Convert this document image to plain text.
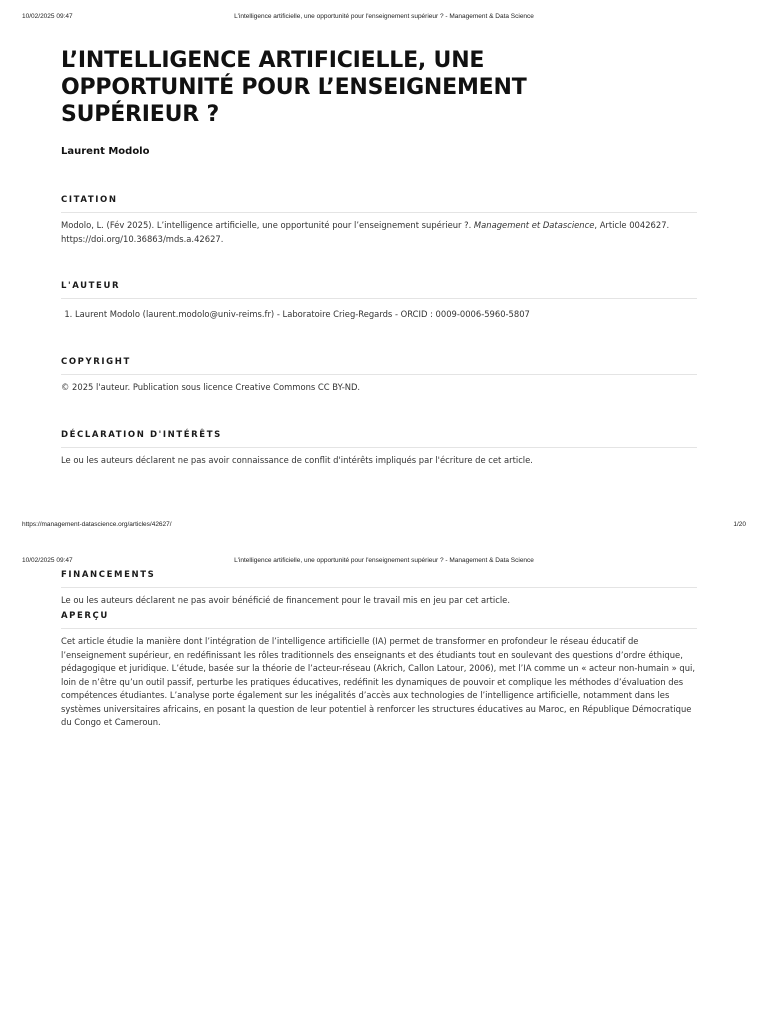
10/02/2025 09:47	L'intelligence artificielle, une opportunité pour l'enseignement supérieur ? - Management & Data Science
L’INTELLIGENCE ARTIFICIELLE, UNE OPPORTUNITÉ POUR L’ENSEIGNEMENT SUPÉRIEUR ?
Laurent Modolo
CITATION

Modolo, L. (Fév 2025). L’intelligence artificielle, une opportunité pour l’enseignement supérieur ?. Management et Datascience, Article 0042627.
https://doi.org/10.36863/mds.a.42627.

L'AUTEUR
1. Laurent Modolo (laurent.modolo@univ-reims.fr) - Laboratoire Crieg-Regards - ORCID : 0009-0006-5960-5807
COPYRIGHT

© 2025 l'auteur. Publication sous licence Creative Commons CC BY-ND.

DÉCLARATION D'INTÉRÊTS

Le ou les auteurs déclarent ne pas avoir connaissance de conflit d'intérêts impliqués par l'écriture de cet article.

https://management-datascience.org/articles/42627/	1/20
10/02/2025 09:47	L'intelligence artificielle, une opportunité pour l'enseignement supérieur ? - Management & Data Science
FINANCEMENTS

Le ou les auteurs déclarent ne pas avoir bénéficié de financement pour le travail mis en jeu par cet article.

APERÇU

Cet article étudie la manière dont l’intégration de l’intelligence artificielle (IA) permet de transformer en profondeur le réseau éducatif de l’enseignement supérieur, en redéfinissant les rôles traditionnels des enseignants et des étudiants tout en soulevant des questions d’ordre éthique, pédagogique et juridique. L’étude, basée sur la théorie de l’acteur-réseau (Akrich, Callon Latour, 2006), met l’IA comme un « acteur non-humain » qui, loin de n’être qu’un outil passif, perturbe les pratiques éducatives, redéfinit les dynamiques de pouvoir et complique les méthodes d’évaluation des compétences étudiantes. L’analyse porte également sur les inégalités d’accès aux technologies de l’intelligence artificielle, notamment dans les systèmes universitaires africains, en posant la question de leur potentiel à renforcer les structures éducatives au Maroc, en République Démocratique du Congo et Cameroun.
